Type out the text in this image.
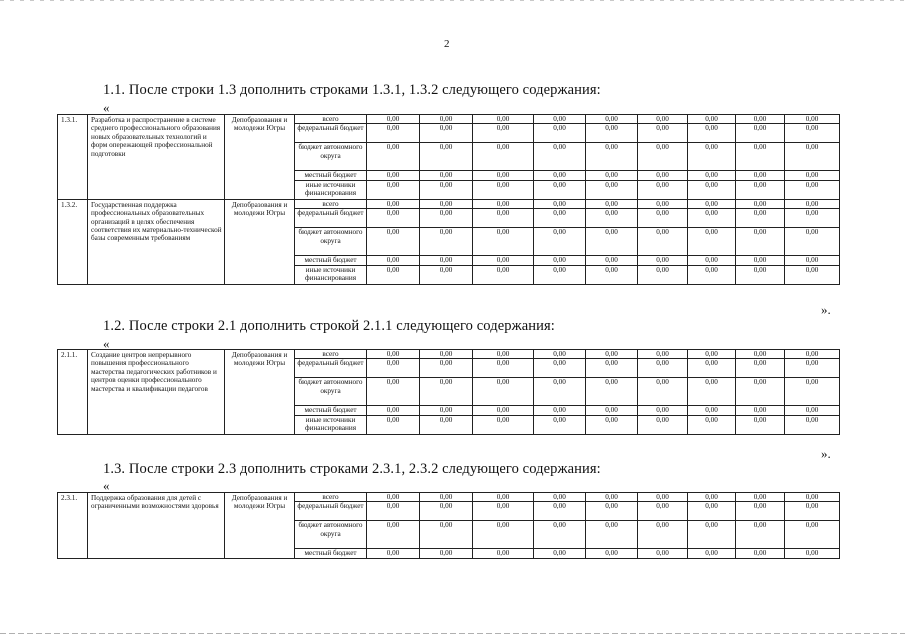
2
1.1. После строки 1.3 дополнить строками 1.3.1, 1.3.2 следующего содержания:
«
1.3.1.	Разработка и распространение в системе среднего профессионального образования новых образовательных технологий и форм опережающей профессиональной подготовки	Депобразования и молодежи Югры	всего	0,00	0,00	0,00	0,00	0,00	0,00	0,00	0,00	0,00
			федеральный бюджет	0,00	0,00	0,00	0,00	0,00	0,00	0,00	0,00	0,00
			бюджет автономного округа	0,00	0,00	0,00	0,00	0,00	0,00	0,00	0,00	0,00
			местный бюджет	0,00	0,00	0,00	0,00	0,00	0,00	0,00	0,00	0,00
			иные источники финансирования	0,00	0,00	0,00	0,00	0,00	0,00	0,00	0,00	0,00
1.3.2.	Государственная поддержка профессиональных образовательных организаций в целях обеспечения соответствия их материально-технической базы современным требованиям	Депобразования и молодежи Югры	всего	0,00	0,00	0,00	0,00	0,00	0,00	0,00	0,00	0,00
			федеральный бюджет	0,00	0,00	0,00	0,00	0,00	0,00	0,00	0,00	0,00
			бюджет автономного округа	0,00	0,00	0,00	0,00	0,00	0,00	0,00	0,00	0,00
			местный бюджет	0,00	0,00	0,00	0,00	0,00	0,00	0,00	0,00	0,00
			иные источники финансирования	0,00	0,00	0,00	0,00	0,00	0,00	0,00	0,00	0,00
».
1.2. После строки 2.1 дополнить строкой 2.1.1 следующего содержания:
«
2.1.1.	Создание центров непрерывного повышения профессионального мастерства педагогических работников и центров оценки профессионального мастерства и квалификации педагогов	Депобразования и молодежи Югры	всего	0,00	0,00	0,00	0,00	0,00	0,00	0,00	0,00	0,00
			федеральный бюджет	0,00	0,00	0,00	0,00	0,00	0,00	0,00	0,00	0,00
			бюджет автономного округа	0,00	0,00	0,00	0,00	0,00	0,00	0,00	0,00	0,00
			местный бюджет	0,00	0,00	0,00	0,00	0,00	0,00	0,00	0,00	0,00
			иные источники финансирования	0,00	0,00	0,00	0,00	0,00	0,00	0,00	0,00	0,00
».
1.3. После строки 2.3 дополнить строками 2.3.1, 2.3.2 следующего содержания:
«
2.3.1.	Поддержка образования для детей с ограниченными возможностями здоровья	Депобразования и молодежи Югры	всего	0,00	0,00	0,00	0,00	0,00	0,00	0,00	0,00	0,00
			федеральный бюджет	0,00	0,00	0,00	0,00	0,00	0,00	0,00	0,00	0,00
			бюджет автономного округа	0,00	0,00	0,00	0,00	0,00	0,00	0,00	0,00	0,00
			местный бюджет	0,00	0,00	0,00	0,00	0,00	0,00	0,00	0,00	0,00
